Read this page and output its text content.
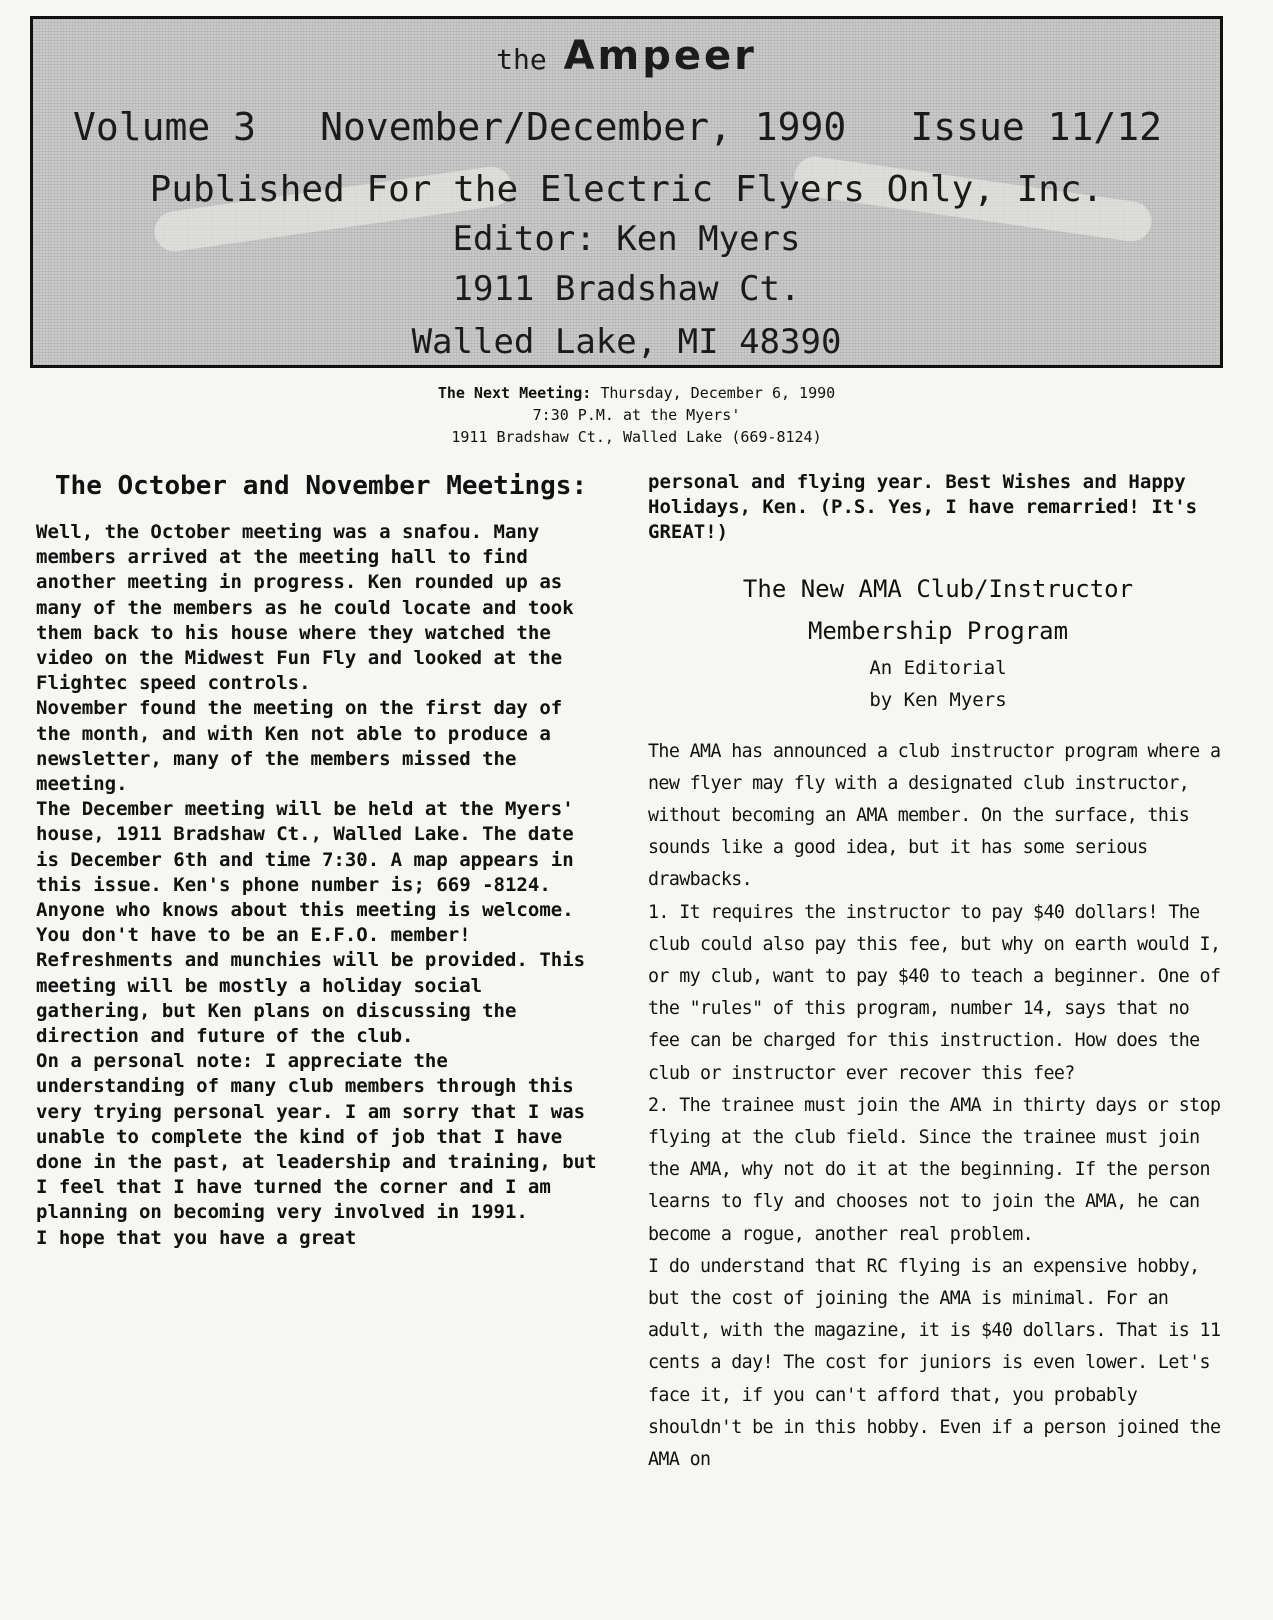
the Ampeer
Volume 3 November/December, 1990 Issue 11/12
Published For the Electric Flyers Only, Inc.
Editor: Ken Myers
1911 Bradshaw Ct.
Walled Lake, MI 48390
The Next Meeting: Thursday, December 6, 1990
7:30 P.M. at the Myers'
1911 Bradshaw Ct., Walled Lake (669-8124)
The October and November Meetings:

Well, the October meeting was a snafou. Many members arrived at the meeting hall to find another meeting in progress. Ken rounded up as many of the members as he could locate and took them back to his house where they watched the video on the Midwest Fun Fly and looked at the Flightec speed controls.

November found the meeting on the first day of the month, and with Ken not able to produce a newsletter, many of the members missed the meeting.

The December meeting will be held at the Myers' house, 1911 Bradshaw Ct., Walled Lake. The date is December 6th and time 7:30. A map appears in this issue. Ken's phone number is; 669 -8124. Anyone who knows about this meeting is welcome. You don't have to be an E.F.O. member!

Refreshments and munchies will be provided. This meeting will be mostly a holiday social gathering, but Ken plans on discussing the direction and future of the club.

On a personal note: I appreciate the understanding of many club members through this very trying personal year. I am sorry that I was unable to complete the kind of job that I have done in the past, at leadership and training, but I feel that I have turned the corner and I am planning on becoming very involved in 1991.

I hope that you have a great

personal and flying year. Best Wishes and Happy Holidays, Ken. (P.S. Yes, I have remarried! It's GREAT!)

The New AMA Club/Instructor
Membership Program
An Editorial
by Ken Myers

The AMA has announced a club instructor program where a new flyer may fly with a designated club instructor, without becoming an AMA member. On the surface, this sounds like a good idea, but it has some serious drawbacks.

1. It requires the instructor to pay $40 dollars! The club could also pay this fee, but why on earth would I, or my club, want to pay $40 to teach a beginner. One of the "rules" of this program, number 14, says that no fee can be charged for this instruction. How does the club or instructor ever recover this fee?

2. The trainee must join the AMA in thirty days or stop flying at the club field. Since the trainee must join the AMA, why not do it at the beginning. If the person learns to fly and chooses not to join the AMA, he can become a rogue, another real problem.

I do understand that RC flying is an expensive hobby, but the cost of joining the AMA is minimal. For an adult, with the magazine, it is $40 dollars. That is 11 cents a day! The cost for juniors is even lower. Let's face it, if you can't afford that, you probably shouldn't be in this hobby. Even if a person joined the AMA on
